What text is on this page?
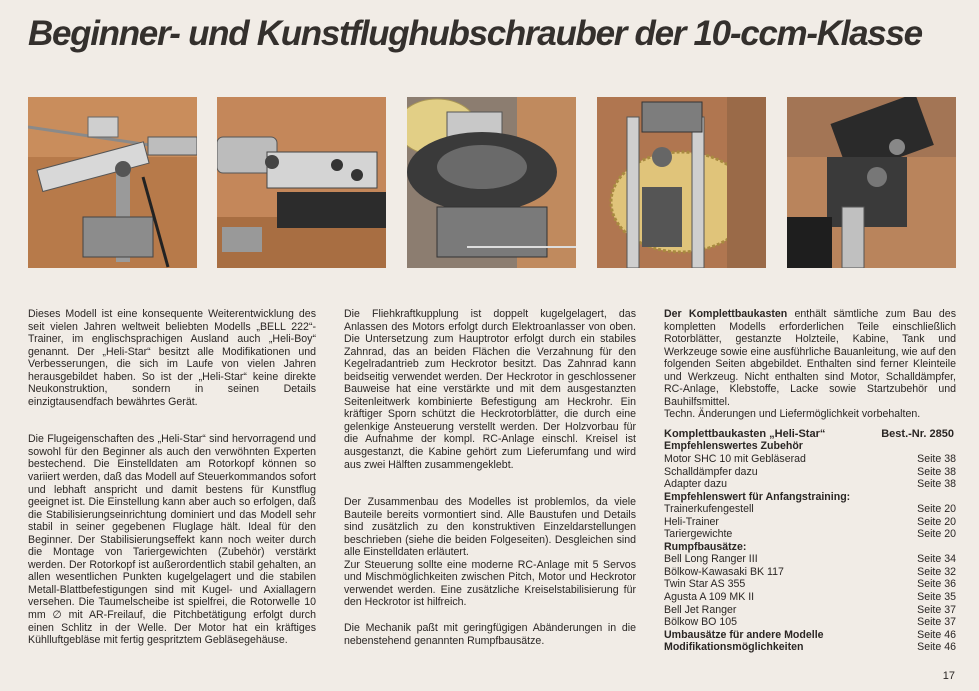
Beginner- und Kunstflughubschrauber der 10-ccm-Klasse

Dieses Modell ist eine konsequente Weiterentwicklung des seit vielen Jahren weltweit beliebten Modells „BELL 222“-Trainer, im englischsprachigen Ausland auch „Heli-Boy“ genannt. Der „Heli-Star“ besitzt alle Modifikationen und Verbesserungen, die sich im Laufe von vielen Jahren herausgebildet haben. So ist der „Heli-Star“ keine direkte Neukonstruktion, sondern in seinen Details einzigtausendfach bewährtes Gerät.

Die Flugeigenschaften des „Heli-Star“ sind hervorragend und sowohl für den Beginner als auch den verwöhnten Experten bestechend. Die Einstelldaten am Rotorkopf können so variiert werden, daß das Modell auf Steuerkommandos sofort und lebhaft anspricht und damit bestens für Kunstflug geeignet ist. Die Einstellung kann aber auch so erfolgen, daß die Stabilisierungseinrichtung dominiert und das Modell sehr stabil in seiner gegebenen Fluglage hält. Ideal für den Beginner. Der Stabilisierungseffekt kann noch weiter durch die Montage von Tariergewichten (Zubehör) verstärkt werden. Der Rotorkopf ist außerordentlich stabil gehalten, an allen wesentlichen Punkten kugelgelagert und die stabilen Metall-Blattbefestigungen sind mit Kugel- und Axiallagern versehen. Die Taumelscheibe ist spielfrei, die Rotorwelle 10 mm ∅ mit AR-Freilauf, die Pitchbetätigung erfolgt durch einen Schlitz in der Welle. Der Motor hat ein kräftiges Kühlluftgebläse mit fertig gespritztem Gebläsegehäuse.

Die Fliehkraftkupplung ist doppelt kugelgelagert, das Anlassen des Motors erfolgt durch Elektroanlasser von oben. Die Untersetzung zum Hauptrotor erfolgt durch ein stabiles Zahnrad, das an beiden Flächen die Verzahnung für den Kegelradantrieb zum Heckrotor besitzt. Das Zahnrad kann beidseitig verwendet werden. Der Heckrotor in geschlossener Bauweise hat eine verstärkte und mit dem ausgestanzten Seitenleitwerk kombinierte Befestigung am Heckrohr. Ein kräftiger Sporn schützt die Heckrotorblätter, die durch eine gelenkige Ansteuerung verstellt werden. Der Holzvorbau für die Aufnahme der kompl. RC-Anlage einschl. Kreisel ist ausgestanzt, die Kabine gehört zum Lieferumfang und wird aus zwei Hälften zusammengeklebt.

Der Zusammenbau des Modelles ist problemlos, da viele Bauteile bereits vormontiert sind. Alle Baustufen und Details sind zusätzlich zu den konstruktiven Einzeldarstellungen beschrieben (siehe die beiden Folgeseiten). Desgleichen sind alle Einstelldaten erläutert.

Zur Steuerung sollte eine moderne RC-Anlage mit 5 Servos und Mischmöglichkeiten zwischen Pitch, Motor und Heckrotor verwendet werden. Eine zusätzliche Kreiselstabilisierung für den Heckrotor ist hilfreich.

Die Mechanik paßt mit geringfügigen Abänderungen in die nebenstehend genannten Rumpfbausätze.

Der Komplettbaukasten enthält sämtliche zum Bau des kompletten Modells erforderlichen Teile einschließlich Rotorblätter, gestanzte Holzteile, Kabine, Tank und Werkzeuge sowie eine ausführliche Bauanleitung, wie auf den folgenden Seiten abgebildet. Enthalten sind ferner Kleinteile und Werkzeug. Nicht enthalten sind Motor, Schalldämpfer, RC-Anlage, Klebstoffe, Lacke sowie Startzubehör und Bauhilfsmittel.

Techn. Änderungen und Liefermöglichkeit vorbehalten.

Komplettbaukasten „Heli-Star“	Best.-Nr. 2850
Empfehlenswertes Zubehör
Motor SHC 10 mit Gebläserad	Seite 38
Schalldämpfer dazu	Seite 38
Adapter dazu	Seite 38
Empfehlenswert für Anfangstraining:
Trainerkufengestell	Seite 20
Heli-Trainer	Seite 20
Tariergewichte	Seite 20
Rumpfbausätze:
Bell Long Ranger III	Seite 34
Bölkow-Kawasaki BK 117	Seite 32
Twin Star AS 355	Seite 36
Agusta A 109 MK II	Seite 35
Bell Jet Ranger	Seite 37
Bölkow BO 105	Seite 37
Umbausätze für andere Modelle	Seite 46
Modifikationsmöglichkeiten	Seite 46
17
